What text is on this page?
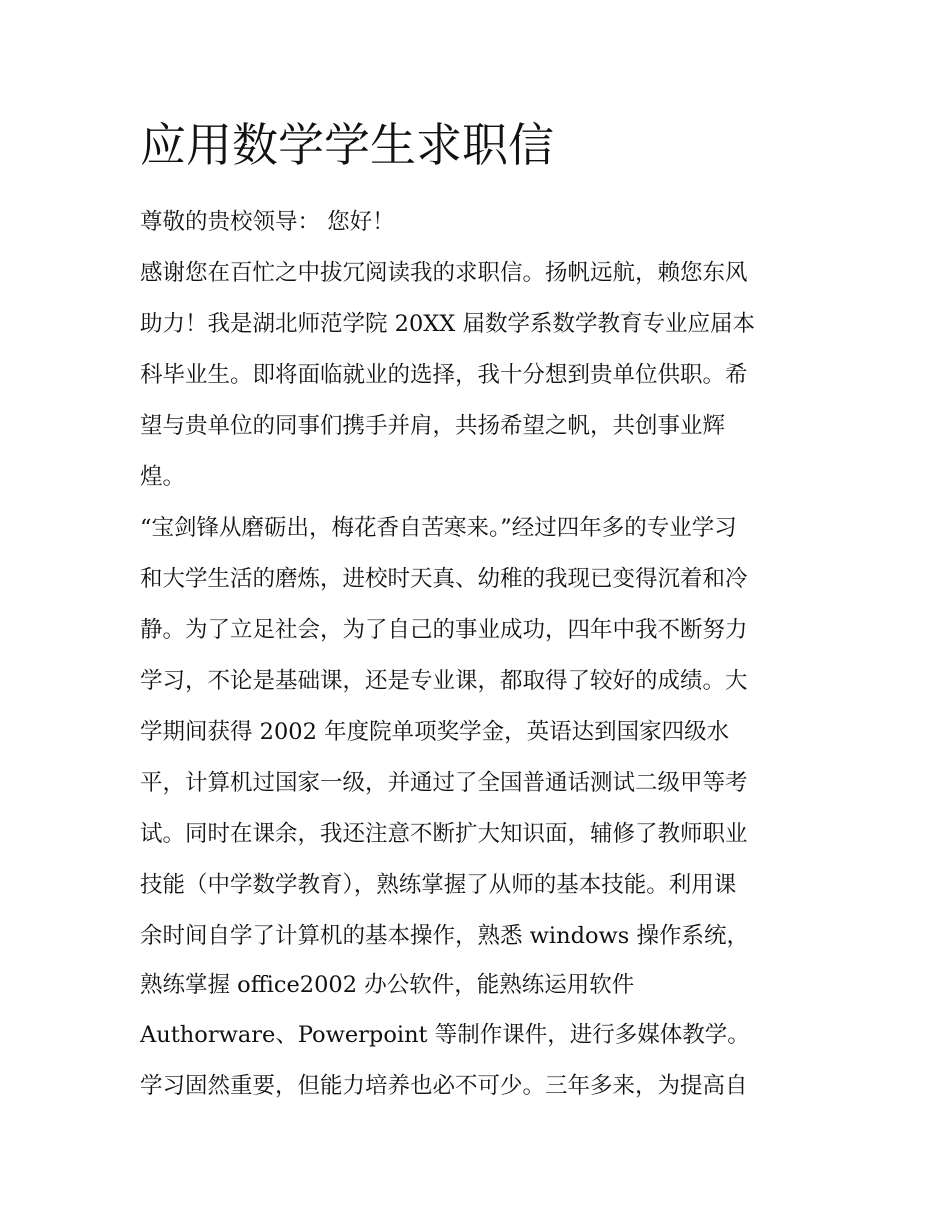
应用数学学生求职信

尊敬的贵校领导： 您好！

感谢您在百忙之中拔冗阅读我的求职信。扬帆远航，赖您东风

助力！我是湖北师范学院 20XX 届数学系数学教育专业应届本

科毕业生。即将面临就业的选择，我十分想到贵单位供职。希

望与贵单位的同事们携手并肩，共扬希望之帆，共创事业辉

煌。

“宝剑锋从磨砺出，梅花香自苦寒来。”经过四年多的专业学习

和大学生活的磨炼，进校时天真、幼稚的我现已变得沉着和冷

静。为了立足社会，为了自己的事业成功，四年中我不断努力

学习，不论是基础课，还是专业课，都取得了较好的成绩。大

学期间获得 2002 年度院单项奖学金，英语达到国家四级水

平，计算机过国家一级，并通过了全国普通话测试二级甲等考

试。同时在课余，我还注意不断扩大知识面，辅修了教师职业

技能（中学数学教育），熟练掌握了从师的基本技能。利用课

余时间自学了计算机的基本操作，熟悉 windows 操作系统，

熟练掌握 office2002 办公软件，能熟练运用软件

Authorware、Powerpoint 等制作课件，进行多媒体教学。

学习固然重要，但能力培养也必不可少。三年多来，为提高自
